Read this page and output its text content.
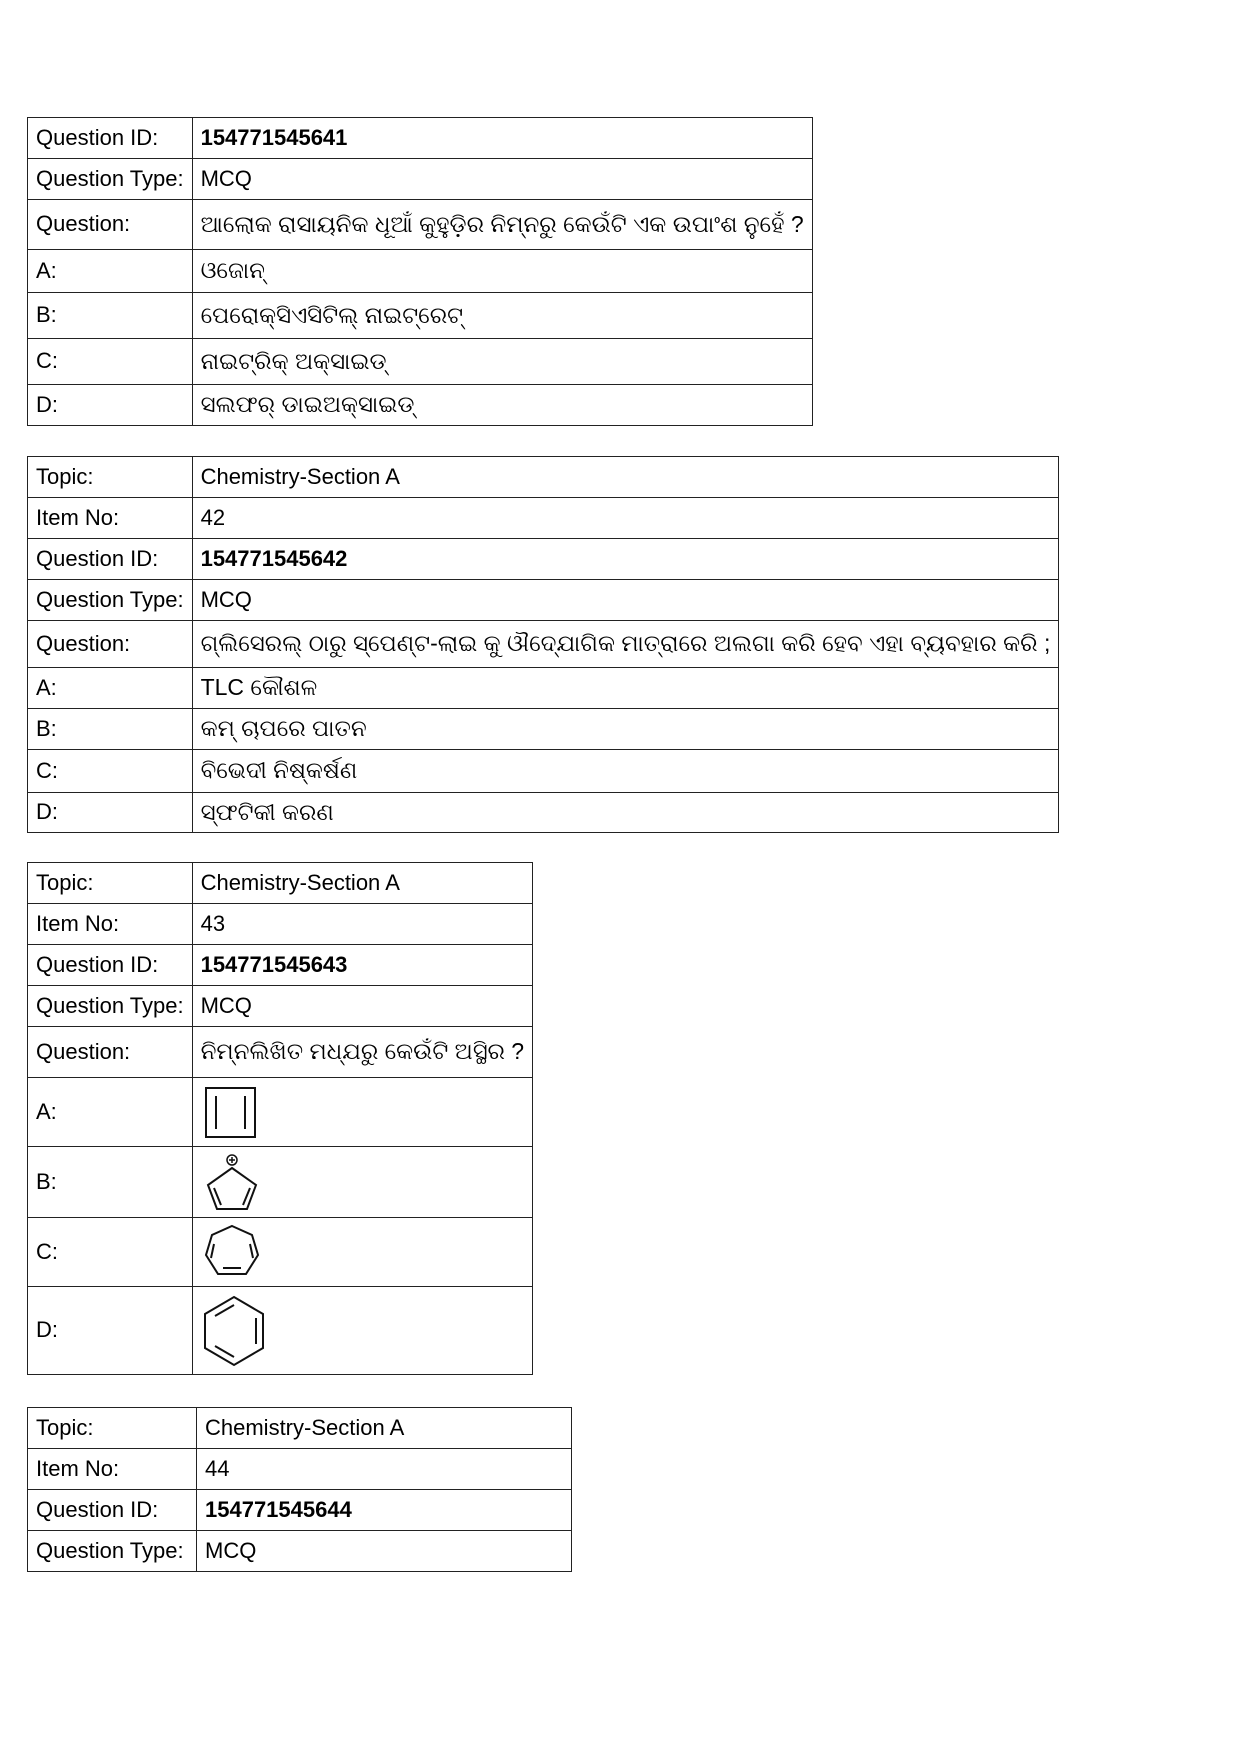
Question ID:	154771545641
Question Type:	MCQ
Question:	ଆଲୋକ ରାସାୟନିକ ଧୂଆଁ କୁହୁଡ଼ିର ନିମ୍ନରୁ କେଉଁଟି ଏକ ଉପାଂଶ ନୁହେଁ ?
A:	ଓଜୋନ୍
B:	ପେରୋକ୍ସିଏସିଟିଲ୍ ନାଇଟ୍ରେଟ୍
C:	ନାଇଟ୍ରିକ୍ ଅକ୍ସାଇଡ୍
D:	ସଲଫର୍ ଡାଇଅକ୍ସାଇଡ୍
Topic:	Chemistry-Section A
Item No:	42
Question ID:	154771545642
Question Type:	MCQ
Question:	ଗ୍ଲିସେରଲ୍ ଠାରୁ ସ୍ପେଣ୍ଟ-ଲାଇ କୁ ଔଦ୍ଯୋଗିକ ମାତ୍ରାରେ ଅଲଗା କରି ହେବ ଏହା ବ୍ୟବହାର କରି ;
A:	TLC କୌଶଳ
B:	କମ୍ ଚାପରେ ପାତନ
C:	ବିଭେଦୀ ନିଷ୍କର୍ଷଣ
D:	ସ୍ଫଟିକୀ କରଣ
Topic:	Chemistry-Section A
Item No:	43
Question ID:	154771545643
Question Type:	MCQ
Question:	ନିମ୍ନଲିଖିତ ମଧ୍ଯରୁ କେଉଁଟି ଅସ୍ଥିର ?
A:	

B:	

C:	

D:	
Topic:	Chemistry-Section A
Item No:	44
Question ID:	154771545644
Question Type:	MCQ
